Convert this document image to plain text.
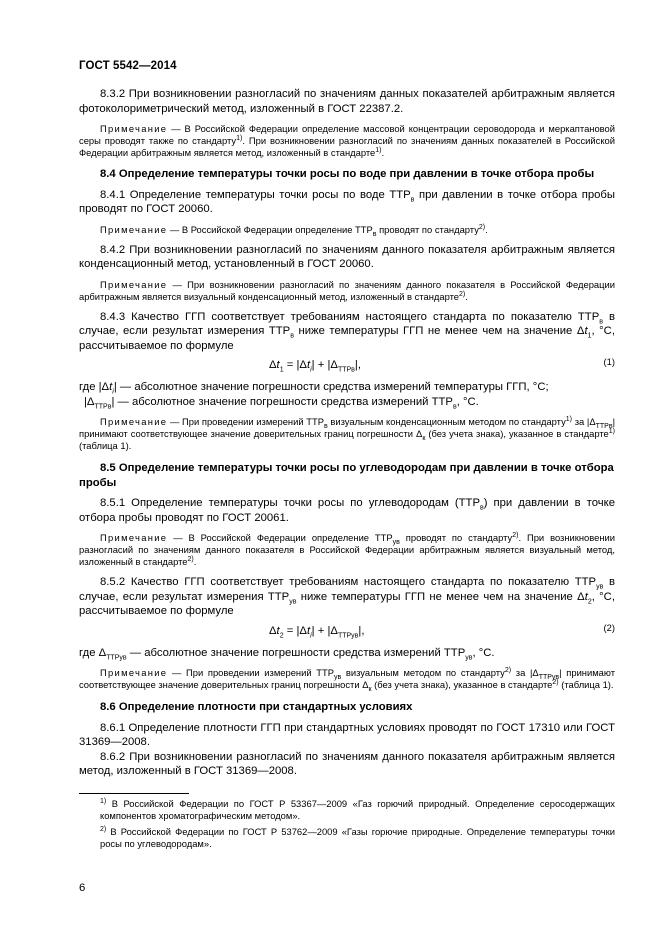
ГОСТ 5542—2014

8.3.2 При возникновении разногласий по значениям данных показателей арбитражным является фотоколориметрический метод, изложенный в ГОСТ 22387.2.

Примечание — В Российской Федерации определение массовой концентрации сероводорода и меркаптановой серы проводят также по стандарту$^{1)}$. При возникновении разногласий по значениям данных показателей в Российской Федерации арбитражным является метод, изложенный в стандарте$^{1)}$.

8.4 Определение температуры точки росы по воде при давлении в точке отбора пробы

8.4.1 Определение температуры точки росы по воде $ТТР_в$ при давлении в точке отбора пробы проводят по ГОСТ 20060.

Примечание — В Российской Федерации определение $ТТР_в$ проводят по стандарту$^{2)}$.

8.4.2 При возникновении разногласий по значениям данного показателя арбитражным является конденсационный метод, установленный в ГОСТ 20060.

Примечание — При возникновении разногласий по значениям данного показателя в Российской Федерации арбитражным является визуальный конденсационный метод, изложенный в стандарте$^{2)}$.

8.4.3 Качество ГГП соответствует требованиям настоящего стандарта по показателю $ТТР_в$ в случае, если результат измерения $ТТР_в$ ниже температуры ГГП не менее чем на значение $\Delta t_1$, °С, рассчитываемое по формуле

$\Delta t_1 = |\Delta t_i| + |\Delta_{ТТРв}|$,	(1)

где $|\Delta t_i|$ — абсолютное значение погрешности средства измерений температуры ГГП, °С;

$|\Delta_{ТТРв}|$ — абсолютное значение погрешности средства измерений $ТТР_в$, °С.

Примечание — При проведении измерений $ТТР_в$ визуальным конденсационным методом по стандарту$^{1)}$ за $|\Delta_{ТТРв}|$ принимают соответствующее значение доверительных границ погрешности $\Delta_к$ (без учета знака), указанное в стандарте$^{1)}$ (таблица 1).

8.5 Определение температуры точки росы по углеводородам при давлении в точке отбора пробы

8.5.1 Определение температуры точки росы по углеводородам $(ТТР_в)$ при давлении в точке отбора пробы проводят по ГОСТ 20061.

Примечание — В Российской Федерации определение $ТТР_{ув}$ проводят по стандарту$^{2)}$. При возникновении разногласий по значениям данного показателя в Российской Федерации арбитражным является визуальный метод, изложенный в стандарте$^{2)}$.

8.5.2 Качество ГГП соответствует требованиям настоящего стандарта по показателю $ТТР_{ув}$ в случае, если результат измерения $ТТР_{ув}$ ниже температуры ГГП не менее чем на значение $\Delta t_2$, °С, рассчитываемое по формуле

$\Delta t_2 = |\Delta t_i| + |\Delta_{ТТРув}|$,	(2)

где $\Delta_{ТТРув}$ — абсолютное значение погрешности средства измерений $ТТР_{ув}$, °С.

Примечание — При проведении измерений $ТТР_{ув}$ визуальным методом по стандарту$^{2)}$ за $|\Delta_{ТТРув}|$ принимают соответствующее значение доверительных границ погрешности $\Delta_к$ (без учета знака), указанное в стандарте$^{2)}$ (таблица 1).

8.6 Определение плотности при стандартных условиях

8.6.1 Определение плотности ГГП при стандартных условиях проводят по ГОСТ 17310 или ГОСТ 31369—2008.

8.6.2 При возникновении разногласий по значениям данного показателя арбитражным является метод, изложенный в ГОСТ 31369—2008.

$^{1)}$ В Российской Федерации по ГОСТ Р 53367—2009 «Газ горючий природный. Определение серосодержащих компонентов хроматографическим методом».

$^{2)}$ В Российской Федерации по ГОСТ Р 53762—2009 «Газы горючие природные. Определение температуры точки росы по углеводородам».

6
